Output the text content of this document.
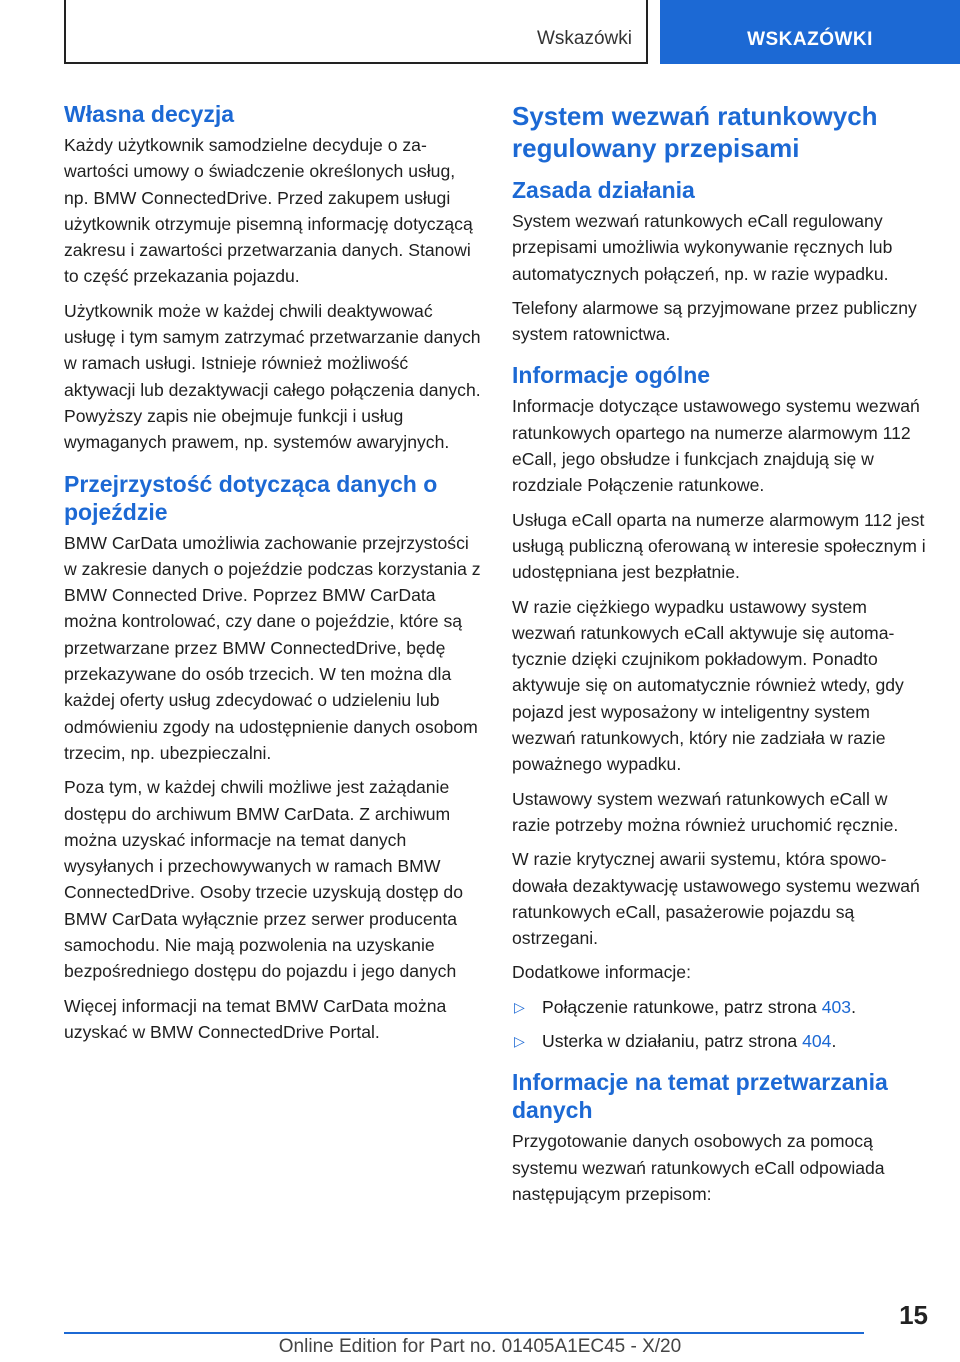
Wskazówki	WSKAZÓWKI
Własna decyzja

Każdy użytkownik samodzielne decyduje o zawartości umowy o świadczenie określonych usług, np. BMW ConnectedDrive. Przed zakupem usługi użytkownik otrzymuje pisemną informację dotyczącą zakresu i zawartości przetwarzania danych. Stanowi to część przekazania pojazdu.

Użytkownik może w każdej chwili deaktywować usługę i tym samym zatrzymać przetwarzanie danych w ramach usługi. Istnieje również możliwość aktywacji lub dezaktywacji całego połączenia danych. Powyższy zapis nie obejmuje funkcji i usług wymaganych prawem, np. systemów awaryjnych.

Przejrzystość dotycząca danych o pojeździe

BMW CarData umożliwia zachowanie przejrzystości w zakresie danych o pojeździe podczas korzystania z BMW Connected Drive. Poprzez BMW CarData można kontrolować, czy dane o pojeździe, które są przetwarzane przez BMW ConnectedDrive, będę przekazywane do osób trzecich. W ten można dla każdej oferty usług zdecydować o udzieleniu lub odmówieniu zgody na udostępnienie danych osobom trzecim, np. ubezpieczalni.

Poza tym, w każdej chwili możliwe jest zażądanie dostępu do archiwum BMW CarData. Z archiwum można uzyskać informacje na temat danych wysyłanych i przechowywanych w ramach BMW ConnectedDrive. Osoby trzecie uzyskują dostęp do BMW CarData wyłącznie przez serwer producenta samochodu. Nie mają pozwolenia na uzyskanie bezpośredniego dostępu do pojazdu i jego danych

Więcej informacji na temat BMW CarData można uzyskać w BMW ConnectedDrive Portal.

System wezwań ratunkowych regulowany przepisami
Zasada działania

System wezwań ratunkowych eCall regulowany przepisami umożliwia wykonywanie ręcznych lub automatycznych połączeń, np. w razie wypadku.

Telefony alarmowe są przyjmowane przez publiczny system ratownictwa.

Informacje ogólne

Informacje dotyczące ustawowego systemu wezwań ratunkowych opartego na numerze alarmowym 112 eCall, jego obsłudze i funkcjach znajdują się w rozdziale Połączenie ratunkowe.

Usługa eCall oparta na numerze alarmowym 112 jest usługą publiczną oferowaną w interesie społecznym i udostępniana jest bezpłatnie.

W razie ciężkiego wypadku ustawowy system wezwań ratunkowych eCall aktywuje się automatycznie dzięki czujnikom pokładowym. Ponadto aktywuje się on automatycznie również wtedy, gdy pojazd jest wyposażony w inteligentny system wezwań ratunkowych, który nie zadziała w razie poważnego wypadku.

Ustawowy system wezwań ratunkowych eCall w razie potrzeby można również uruchomić ręcznie.

W razie krytycznej awarii systemu, która spowodowała dezaktywację ustawowego systemu wezwań ratunkowych eCall, pasażerowie pojazdu są ostrzegani.

Dodatkowe informacje:

▷ Połączenie ratunkowe, patrz strona 403.
▷ Usterka w działaniu, patrz strona 404.
Informacje na temat przetwarzania danych

Przygotowanie danych osobowych za pomocą systemu wezwań ratunkowych eCall odpowiada następującym przepisom:

15
Online Edition for Part no. 01405A1EC45 - X/20
